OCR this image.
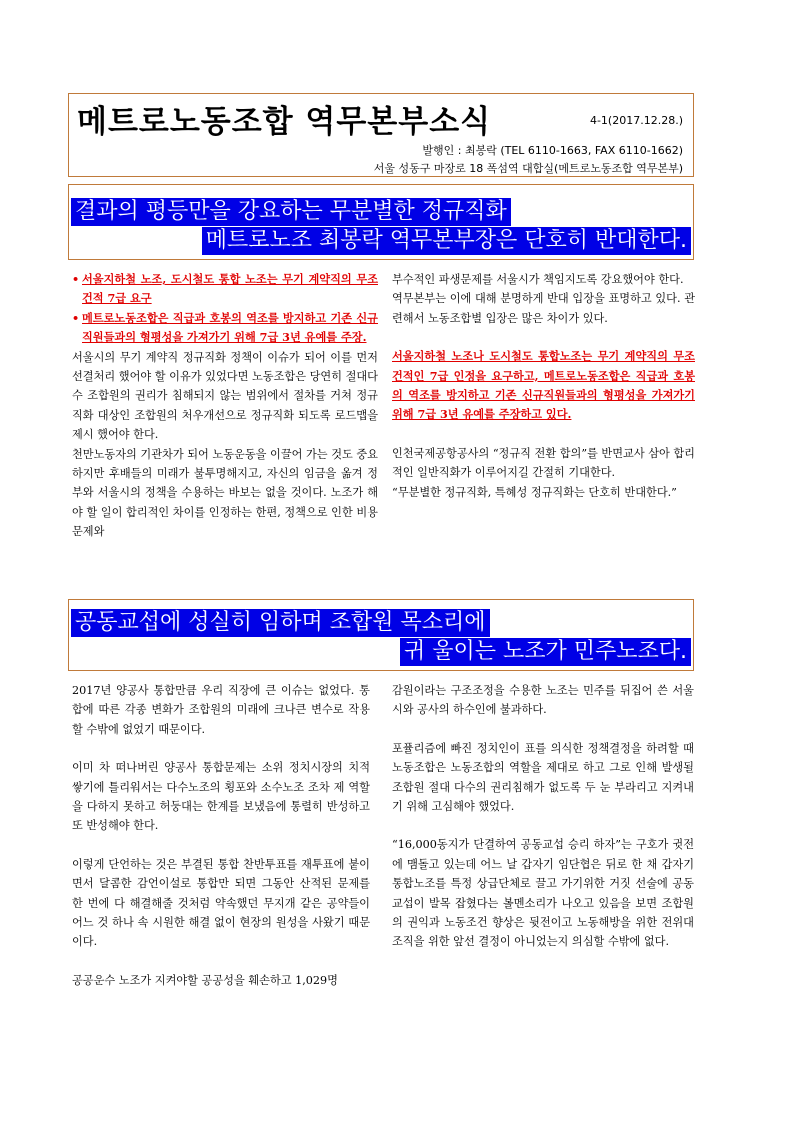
메트로노동조합 역무본부소식	4-1(2017.12.28.)
발행인 : 최봉락 (TEL 6110-1663, FAX 6110-1662)
서울 성동구 마장로 18 폭섬역 대합실(메트로노동조합 역무본부)
결과의 평등만을 강요하는 무분별한 정규직화
메트로노조 최봉락 역무본부장은 단호히 반대한다.
• 서울지하철 노조, 도시철도 통합 노조는 무기 계약직의 무조건적 7급 요구
• 메트로노동조합은 직급과 호봉의 역조를 방지하고 기존 신규직원들과의 형평성을 가져가기 위해 7급 3년 유예를 주장.

서울시의 무기 계약직 정규직화 정책이 이슈가 되어 이를 먼저 선결처리 했어야 할 이유가 있었다면 노동조합은 당연히 절대다수 조합원의 권리가 침해되지 않는 범위에서 절차를 거쳐 정규직화 대상인 조합원의 처우개선으로 정규직화 되도록 로드맵을 제시 했어야 한다.

천만노동자의 기관차가 되어 노동운동을 이끌어 가는 것도 중요하지만 후배들의 미래가 불투명해지고, 자신의 임금을 옮겨 정부와 서울시의 정책을 수용하는 바보는 없을 것이다. 노조가 해야 할 일이 합리적인 차이를 인정하는 한편, 정책으로 인한 비용 문제와

부수적인 파생문제를 서울시가 책임지도록 강요했어야 한다.

역무본부는 이에 대해 분명하게 반대 입장을 표명하고 있다. 관련해서 노동조합별 입장은 많은 차이가 있다.

서울지하철 노조나 도시철도 통합노조는 무기 계약직의 무조건적인 7급 인정을 요구하고, 메트로노동조합은 직급과 호봉의 역조를 방지하고 기존 신규직원들과의 형평성을 가져가기 위해 7급 3년 유예를 주장하고 있다.

인천국제공항공사의 “정규직 전환 합의”를 반면교사 삼아 합리적인 일반직화가 이루어지길 간절히 기대한다.

“무분별한 정규직화, 특혜성 정규직화는 단호히 반대한다.”

공동교섭에 성실히 임하며 조합원 목소리에
귀 울이는 노조가 민주노조다.

2017년 양공사 통합만큼 우리 직장에 큰 이슈는 없었다. 통합에 따른 각종 변화가 조합원의 미래에 크나큰 변수로 작용할 수밖에 없었기 때문이다.

이미 차 떠나버린 양공사 통합문제는 소위 정치시장의 치적 쌓기에 틀리워서는 다수노조의 횡포와 소수노조 조차 제 역할을 다하지 못하고 허둥대는 한계를 보냈음에 통렬히 반성하고 또 반성해야 한다.

이렇게 단언하는 것은 부결된 통합 찬반투표를 재투표에 붙이면서 달콤한 감언이설로 통합만 되면 그동안 산적된 문제를 한 번에 다 해결해줄 것처럼 약속했던 무지개 같은 공약들이 어느 것 하나 속 시원한 해결 없이 현장의 원성을 사왔기 때문이다.

공공운수 노조가 지켜야할 공공성을 훼손하고 1,029명

감원이라는 구조조정을 수용한 노조는 민주를 뒤집어 쓴 서울시와 공사의 하수인에 불과하다.

포퓰리즘에 빠진 정치인이 표를 의식한 정책결정을 하려할 때 노동조합은 노동조합의 역할을 제대로 하고 그로 인해 발생될 조합원 절대 다수의 권리침해가 없도록 두 눈 부라리고 지켜내기 위해 고심해야 했었다.

“16,000동지가 단결하여 공동교섭 승리 하자”는 구호가 귓전에 맴돌고 있는데 어느 날 갑자기 임단협은 뒤로 한 채 갑자기 통합노조를 특정 상급단체로 끌고 가기위한 거짓 선술에 공동교섭이 발목 잡혔다는 볼멘소리가 나오고 있음을 보면 조합원의 권익과 노동조건 향상은 뒷전이고 노동해방을 위한 전위대 조직을 위한 앞선 결정이 아니었는지 의심할 수밖에 없다.
